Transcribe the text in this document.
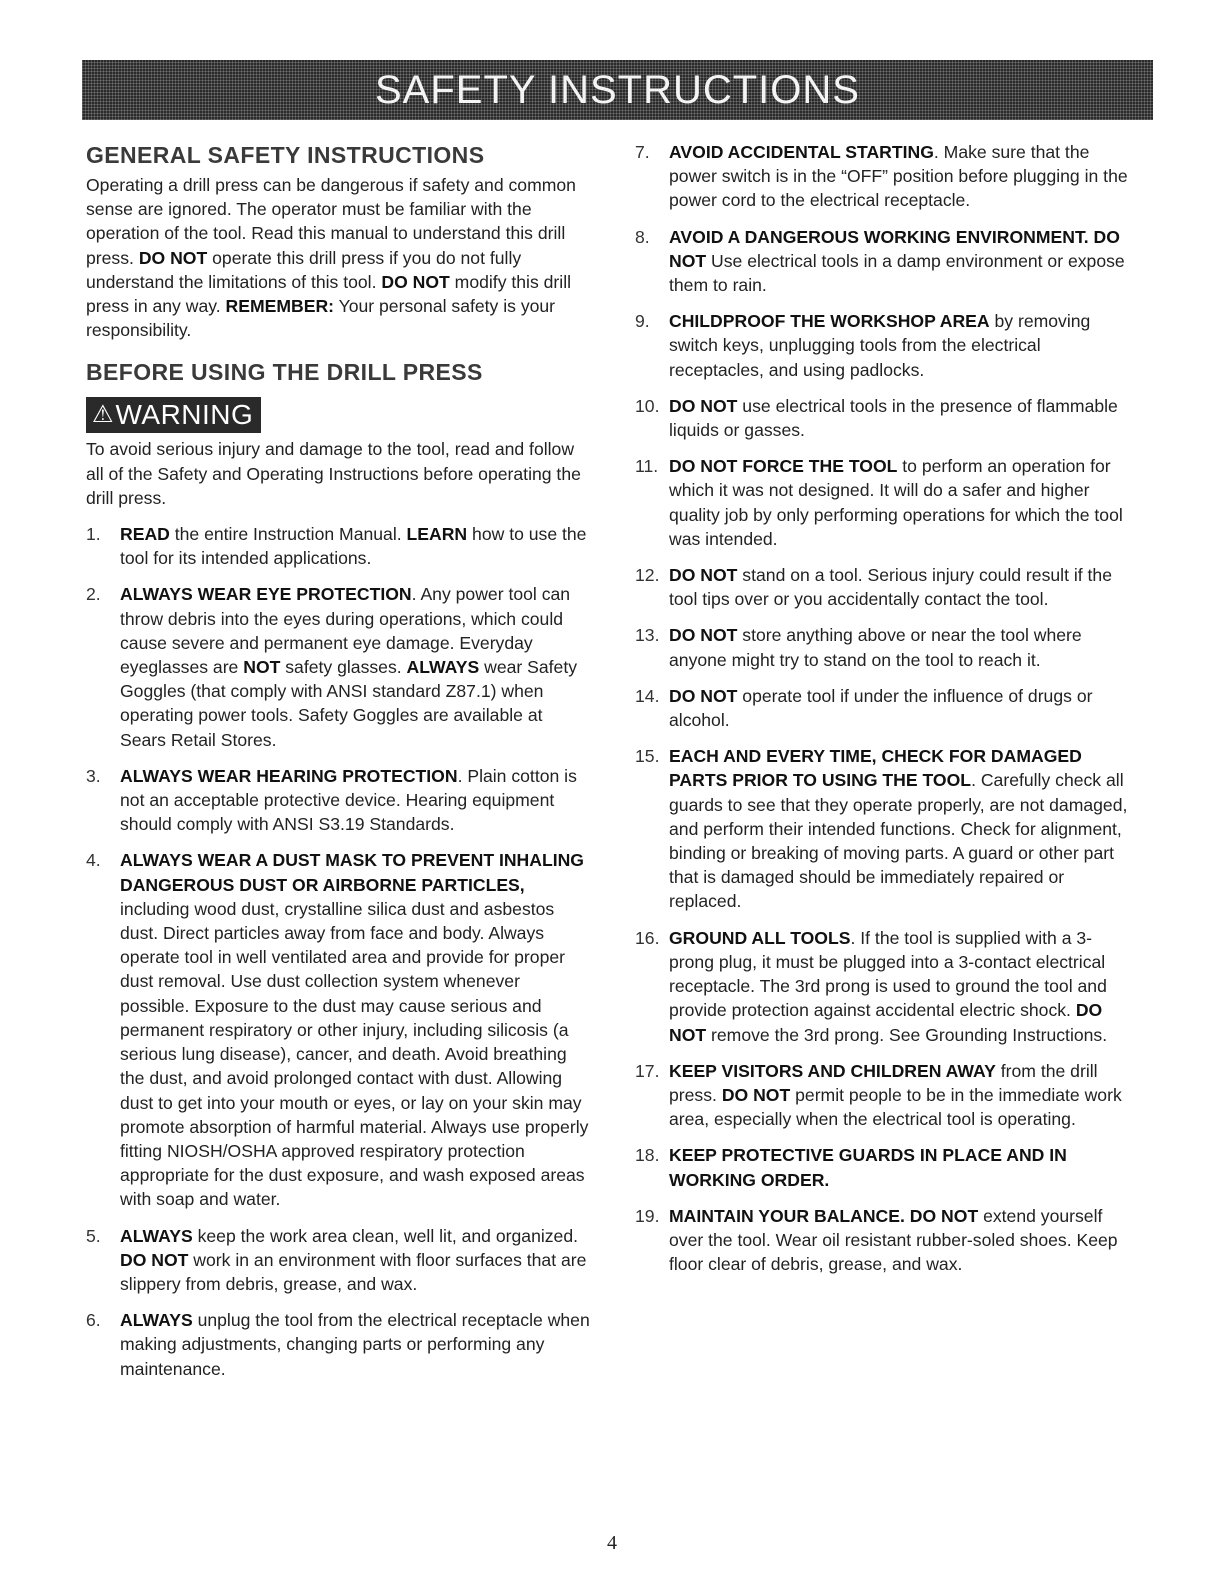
SAFETY INSTRUCTIONS
GENERAL SAFETY INSTRUCTIONS

Operating a drill press can be dangerous if safety and common sense are ignored. The operator must be familiar with the operation of the tool. Read this manual to understand this drill press. DO NOT operate this drill press if you do not fully understand the limitations of this tool. DO NOT modify this drill press in any way. REMEMBER: Your personal safety is your responsibility.

BEFORE USING THE DRILL PRESS
⚠ WARNING

To avoid serious injury and damage to the tool, read and follow all of the Safety and Operating Instructions before operating the drill press.

1.	READ the entire Instruction Manual. LEARN how to use the tool for its intended applications.
2.	ALWAYS WEAR EYE PROTECTION. Any power tool can throw debris into the eyes during operations, which could cause severe and permanent eye damage. Everyday eyeglasses are NOT safety glasses. ALWAYS wear Safety Goggles (that comply with ANSI standard Z87.1) when operating power tools. Safety Goggles are available at Sears Retail Stores.
3.	ALWAYS WEAR HEARING PROTECTION. Plain cotton is not an acceptable protective device. Hearing equipment should comply with ANSI S3.19 Standards.
4.	ALWAYS WEAR A DUST MASK TO PREVENT INHALING DANGEROUS DUST OR AIRBORNE PARTICLES, including wood dust, crystalline silica dust and asbestos dust. Direct particles away from face and body. Always operate tool in well ventilated area and provide for proper dust removal. Use dust collection system whenever possible. Exposure to the dust may cause serious and permanent respiratory or other injury, including silicosis (a serious lung disease), cancer, and death. Avoid breathing the dust, and avoid prolonged contact with dust. Allowing dust to get into your mouth or eyes, or lay on your skin may promote absorption of harmful material. Always use properly fitting NIOSH/OSHA approved respiratory protection appropriate for the dust exposure, and wash exposed areas with soap and water.
5.	ALWAYS keep the work area clean, well lit, and organized. DO NOT work in an environment with floor surfaces that are slippery from debris, grease, and wax.
6.	ALWAYS unplug the tool from the electrical receptacle when making adjustments, changing parts or performing any maintenance.
7.	AVOID ACCIDENTAL STARTING. Make sure that the power switch is in the “OFF” position before plugging in the power cord to the electrical receptacle.
8.	AVOID A DANGEROUS WORKING ENVIRONMENT. DO NOT Use electrical tools in a damp environment or expose them to rain.
9.	CHILDPROOF THE WORKSHOP AREA by removing switch keys, unplugging tools from the electrical receptacles, and using padlocks.
10. DO NOT use electrical tools in the presence of flammable liquids or gasses.
11. DO NOT FORCE THE TOOL to perform an operation for which it was not designed. It will do a safer and higher quality job by only performing operations for which the tool was intended.
12. DO NOT stand on a tool. Serious injury could result if the tool tips over or you accidentally contact the tool.
13. DO NOT store anything above or near the tool where anyone might try to stand on the tool to reach it.
14. DO NOT operate tool if under the influence of drugs or alcohol.
15. EACH AND EVERY TIME, CHECK FOR DAMAGED PARTS PRIOR TO USING THE TOOL. Carefully check all guards to see that they operate properly, are not damaged, and perform their intended functions. Check for alignment, binding or breaking of moving parts. A guard or other part that is damaged should be immediately repaired or replaced.
16. GROUND ALL TOOLS. If the tool is supplied with a 3-prong plug, it must be plugged into a 3-contact electrical receptacle. The 3rd prong is used to ground the tool and provide protection against accidental electric shock. DO NOT remove the 3rd prong. See Grounding Instructions.
17. KEEP VISITORS AND CHILDREN AWAY from the drill press. DO NOT permit people to be in the immediate work area, especially when the electrical tool is operating.
18. KEEP PROTECTIVE GUARDS IN PLACE AND IN WORKING ORDER.
19. MAINTAIN YOUR BALANCE. DO NOT extend yourself over the tool. Wear oil resistant rubber-soled shoes. Keep floor clear of debris, grease, and wax.
4
